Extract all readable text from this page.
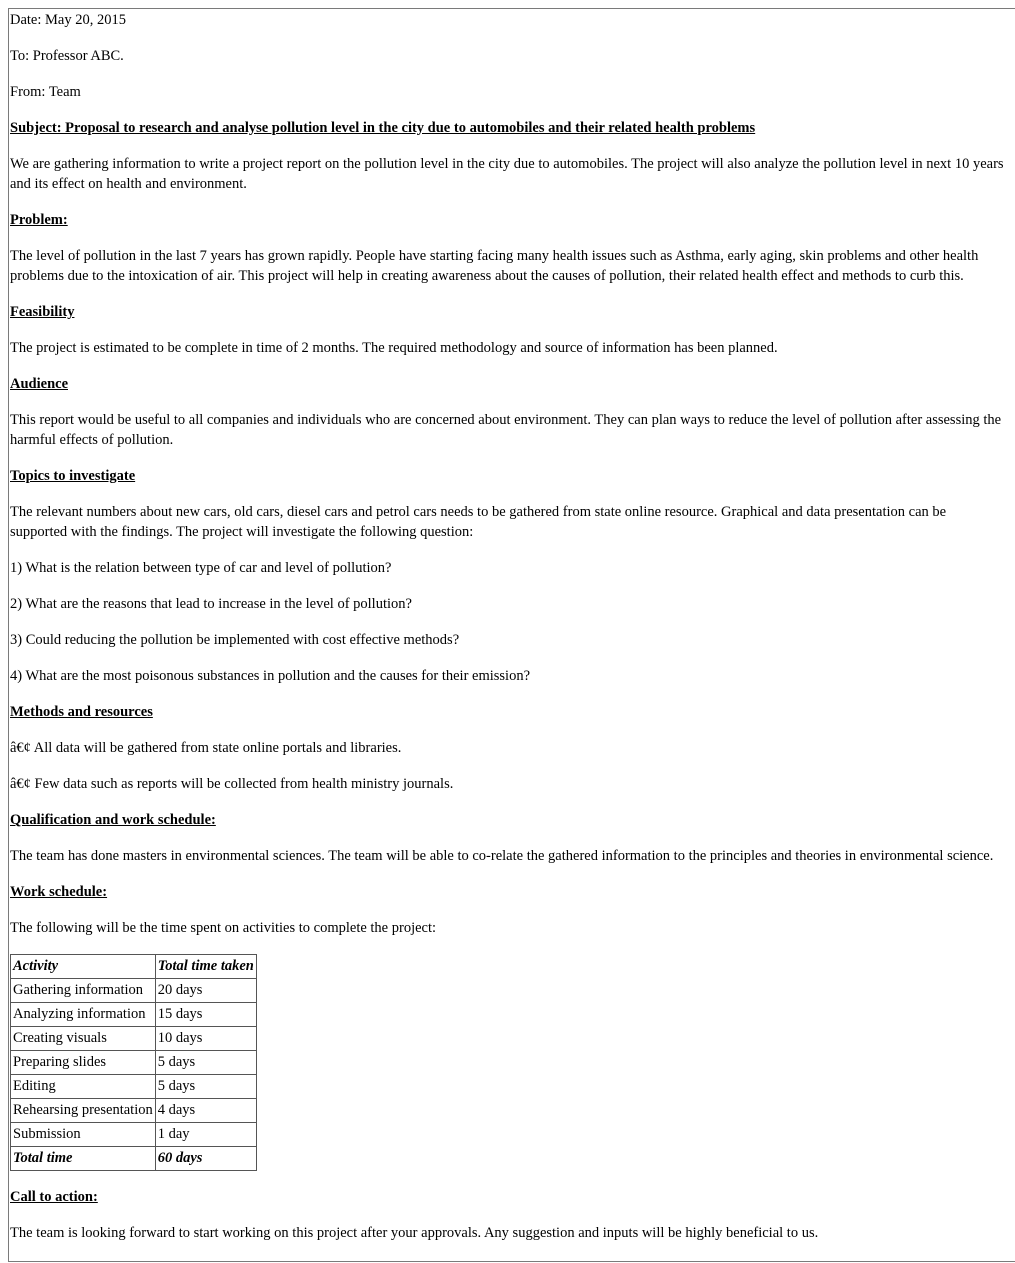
Date: May 20, 2015

To: Professor ABC.

From: Team

Subject: Proposal to research and analyse pollution level in the city due to automobiles and their related health problems

We are gathering information to write a project report on the pollution level in the city due to automobiles. The project will also analyze the pollution level in next 10 years and its effect on health and environment.

Problem:

The level of pollution in the last 7 years has grown rapidly. People have starting facing many health issues such as Asthma, early aging, skin problems and other health problems due to the intoxication of air. This project will help in creating awareness about the causes of pollution, their related health effect and methods to curb this.

Feasibility

The project is estimated to be complete in time of 2 months. The required methodology and source of information has been planned.

Audience

This report would be useful to all companies and individuals who are concerned about environment. They can plan ways to reduce the level of pollution after assessing the harmful effects of pollution.

Topics to investigate

The relevant numbers about new cars, old cars, diesel cars and petrol cars needs to be gathered from state online resource. Graphical and data presentation can be supported with the findings. The project will investigate the following question:

1) What is the relation between type of car and level of pollution?

2) What are the reasons that lead to increase in the level of pollution?

3) Could reducing the pollution be implemented with cost effective methods?

4) What are the most poisonous substances in pollution and the causes for their emission?

Methods and resources

â€¢ All data will be gathered from state online portals and libraries.

â€¢ Few data such as reports will be collected from health ministry journals.

Qualification and work schedule:

The team has done masters in environmental sciences. The team will be able to co-relate the gathered information to the principles and theories in environmental science.

Work schedule:

The following will be the time spent on activities to complete the project:

Activity	Total time taken
Gathering information	20 days
Analyzing information	15 days
Creating visuals	10 days
Preparing slides	5 days
Editing	5 days
Rehearsing presentation	4 days
Submission	1 day
Total time	60 days

Call to action:

The team is looking forward to start working on this project after your approvals. Any suggestion and inputs will be highly beneficial to us.
